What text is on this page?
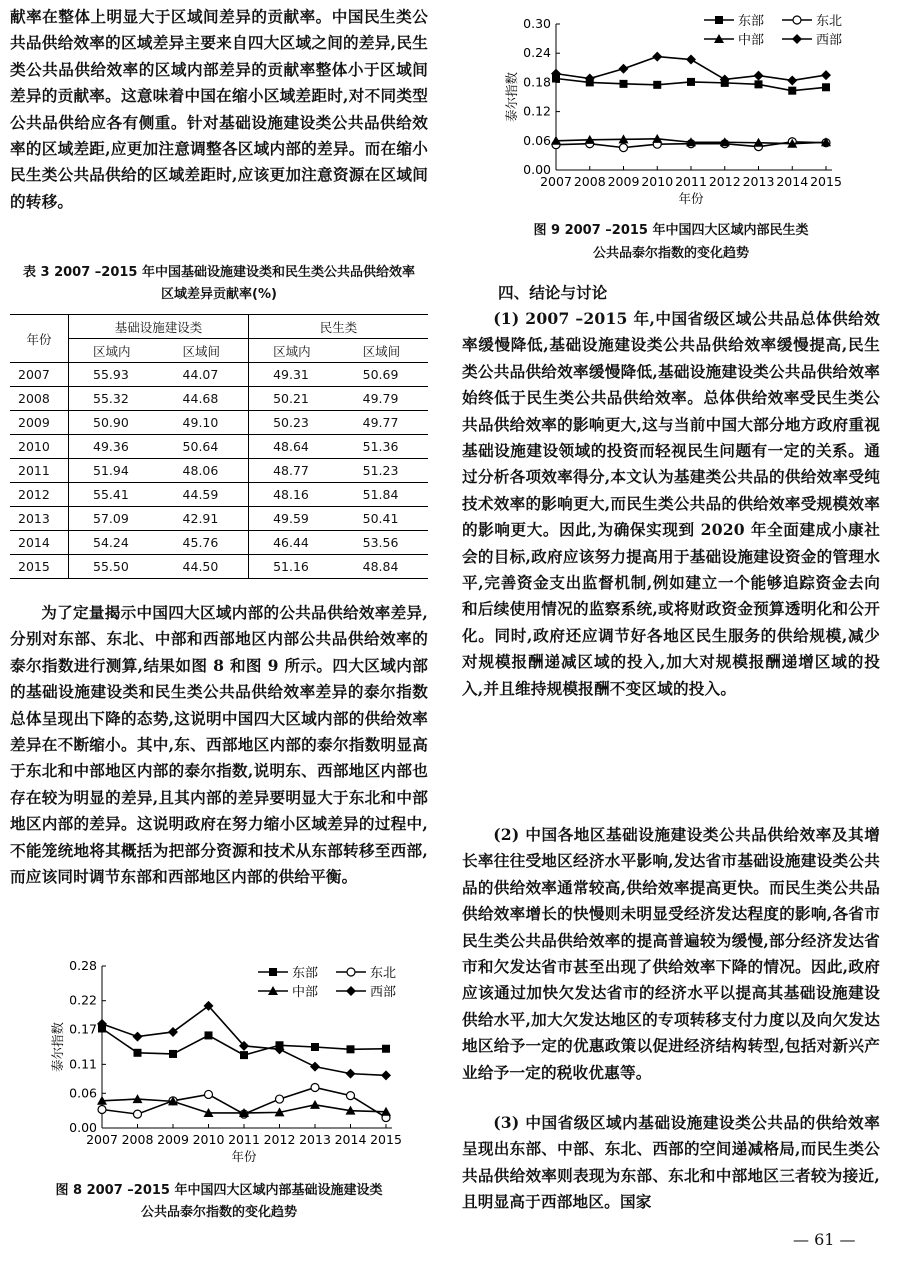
献率在整体上明显大于区域间差异的贡献率。中国民生类公共品供给效率的区域差异主要来自四大区域之间的差异,民生类公共品供给效率的区域内部差异的贡献率整体小于区域间差异的贡献率。这意味着中国在缩小区域差距时,对不同类型公共品供给应各有侧重。针对基础设施建设类公共品供给效率的区域差距,应更加注意调整各区域内部的差异。而在缩小民生类公共品供给的区域差距时,应该更加注意资源在区域间的转移。

表 3 2007 –2015 年中国基础设施建设类和民生类公共品供给效率区域差异贡献率(%)

年份	基础设施建设类		民生类	
	区域内	区域间	区域内	区域间
2007	55.93	44.07	49.31	50.69
2008	55.32	44.68	50.21	49.79
2009	50.90	49.10	50.23	49.77
2010	49.36	50.64	48.64	51.36
2011	51.94	48.06	48.77	51.23
2012	55.41	44.59	48.16	51.84
2013	57.09	42.91	49.59	50.41
2014	54.24	45.76	46.44	53.56
2015	55.50	44.50	51.16	48.84

为了定量揭示中国四大区域内部的公共品供给效率差异,分别对东部、东北、中部和西部地区内部公共品供给效率的泰尔指数进行测算,结果如图 8 和图 9 所示。四大区域内部的基础设施建设类和民生类公共品供给效率差异的泰尔指数总体呈现出下降的态势,这说明中国四大区域内部的供给效率差异在不断缩小。其中,东、西部地区内部的泰尔指数明显高于东北和中部地区内部的泰尔指数,说明东、西部地区内部也存在较为明显的差异,且其内部的差异要明显大于东北和中部地区内部的差异。这说明政府在努力缩小区域差异的过程中,不能笼统地将其概括为把部分资源和技术从东部转移至西部,而应该同时调节东部和西部地区内部的供给平衡。

0.00
0.06
0.11
0.17
0.22
0.28
2007 2008 2009 2010 2011 2012 2013 2014 2015
年份
泰尔指数
东部	东北
中部	西部

图 8 2007 –2015 年中国四大区域内部基础设施建设类

公共品泰尔指数的变化趋势

0.00
0.06
0.12
0.18
0.24
0.30
2007 2008 2009 2010 2011 2012 2013 2014 2015
年份
泰尔指数
东部	东北
中部	西部

图 9 2007 –2015 年中国四大区域内部民生类

公共品泰尔指数的变化趋势

四、结论与讨论

(1) 2007 –2015 年,中国省级区域公共品总体供给效率缓慢降低,基础设施建设类公共品供给效率缓慢提高,民生类公共品供给效率缓慢降低,基础设施建设类公共品供给效率始终低于民生类公共品供给效率。总体供给效率受民生类公共品供给效率的影响更大,这与当前中国大部分地方政府重视基础设施建设领域的投资而轻视民生问题有一定的关系。通过分析各项效率得分,本文认为基建类公共品的供给效率受纯技术效率的影响更大,而民生类公共品的供给效率受规模效率的影响更大。因此,为确保实现到 2020 年全面建成小康社会的目标,政府应该努力提高用于基础设施建设资金的管理水平,完善资金支出监督机制,例如建立一个能够追踪资金去向和后续使用情况的监察系统,或将财政资金预算透明化和公开化。同时,政府还应调节好各地区民生服务的供给规模,减少对规模报酬递减区域的投入,加大对规模报酬递增区域的投入,并且维持规模报酬不变区域的投入。

(2) 中国各地区基础设施建设类公共品供给效率及其增长率往往受地区经济水平影响,发达省市基础设施建设类公共品的供给效率通常较高,供给效率提高更快。而民生类公共品供给效率增长的快慢则未明显受经济发达程度的影响,各省市民生类公共品供给效率的提高普遍较为缓慢,部分经济发达省市和欠发达省市甚至出现了供给效率下降的情况。因此,政府应该通过加快欠发达省市的经济水平以提高其基础设施建设供给水平,加大欠发达地区的专项转移支付力度以及向欠发达地区给予一定的优惠政策以促进经济结构转型,包括对新兴产业给予一定的税收优惠等。

(3) 中国省级区域内基础设施建设类公共品的供给效率呈现出东部、中部、东北、西部的空间递减格局,而民生类公共品供给效率则表现为东部、东北和中部地区三者较为接近,且明显高于西部地区。国家

— 61 —
